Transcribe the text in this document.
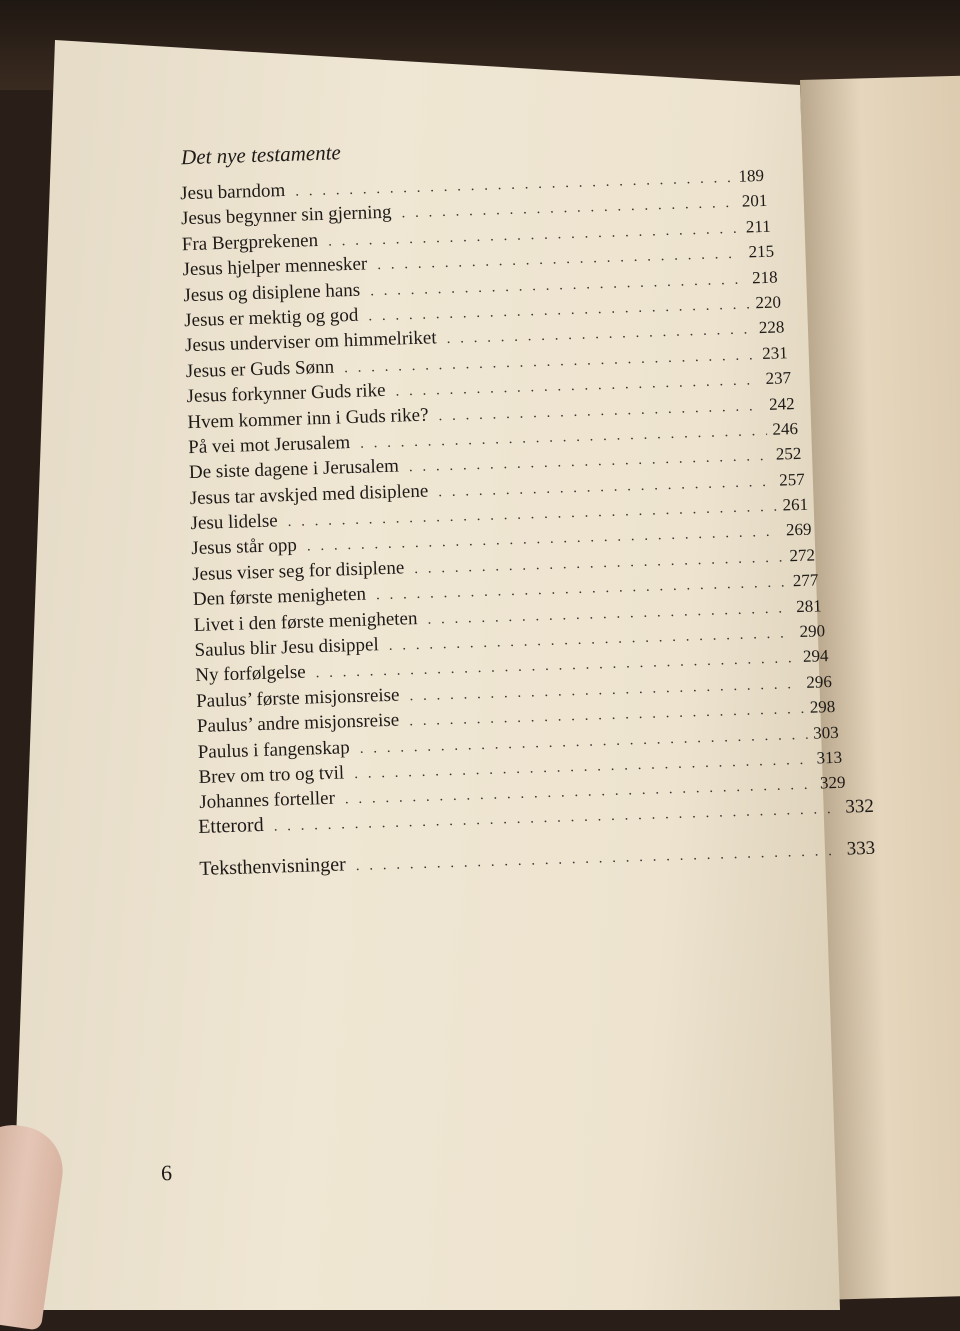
Det nye testamente
Jesu barndom
. . .
189
Jesus begynner sin gjerning
. . .
201
Fra Bergprekenen
. . .
211
Jesus hjelper mennesker
. . .
215
Jesus og disiplene hans
. . .
218
Jesus er mektig og god
. . .
220
Jesus underviser om himmelriket
. . .
228
Jesus er Guds Sønn
. . .
231
Jesus forkynner Guds rike
. . .
237
Hvem kommer inn i Guds rike?
. . .
242
På vei mot Jerusalem
. . .
246
De siste dagene i Jerusalem
. . .
252
Jesus tar avskjed med disiplene
. . .
257
Jesu lidelse
. . .
261
Jesus står opp
. . .
269
Jesus viser seg for disiplene
. . .
272
Den første menigheten
. . .
277
Livet i den første menigheten
. . .
281
Saulus blir Jesu disippel
. . .
290
Ny forfølgelse
. . .
294
Paulus’ første misjonsreise
. . .
296
Paulus’ andre misjonsreise
. . .
298
Paulus i fangenskap
. . .
303
Brev om tro og tvil
. . .
313
Johannes forteller
. . .
329
Etterord
. . .
332
Teksthenvisninger
. . .
333
6
